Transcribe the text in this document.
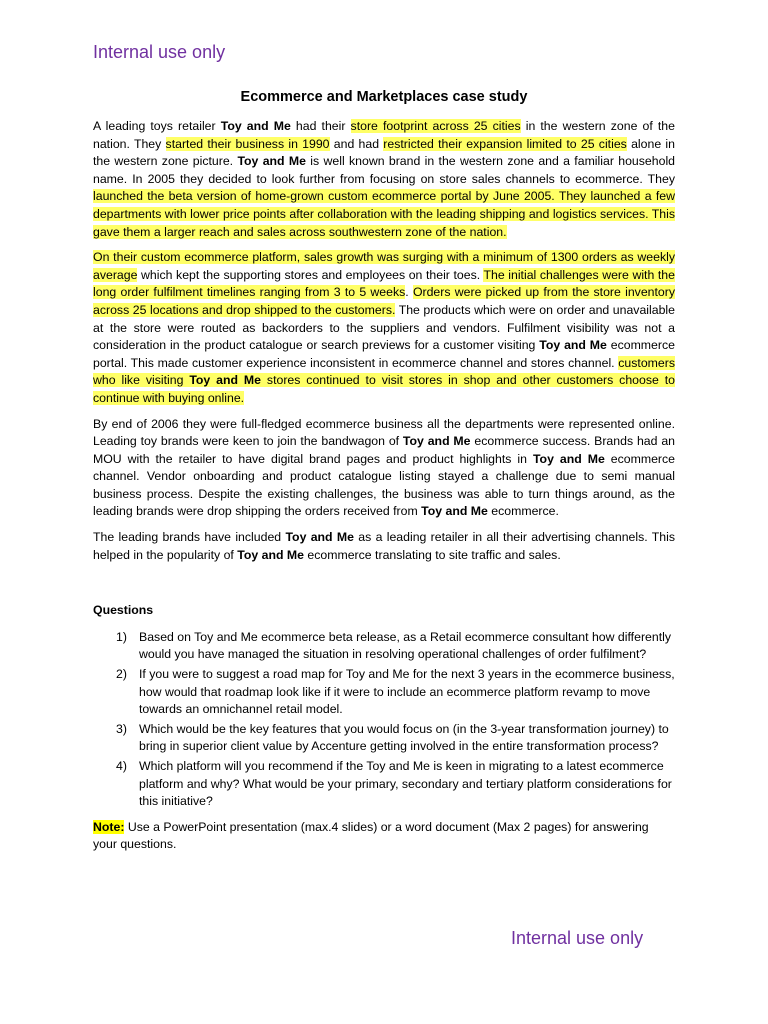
Internal use only
Ecommerce and Marketplaces case study

A leading toys retailer Toy and Me had their store footprint across 25 cities in the western zone of the nation. They started their business in 1990 and had restricted their expansion limited to 25 cities alone in the western zone picture. Toy and Me is well known brand in the western zone and a familiar household name. In 2005 they decided to look further from focusing on store sales channels to ecommerce. They launched the beta version of home-grown custom ecommerce portal by June 2005. They launched a few departments with lower price points after collaboration with the leading shipping and logistics services. This gave them a larger reach and sales across southwestern zone of the nation.

On their custom ecommerce platform, sales growth was surging with a minimum of 1300 orders as weekly average which kept the supporting stores and employees on their toes. The initial challenges were with the long order fulfilment timelines ranging from 3 to 5 weeks. Orders were picked up from the store inventory across 25 locations and drop shipped to the customers. The products which were on order and unavailable at the store were routed as backorders to the suppliers and vendors. Fulfilment visibility was not a consideration in the product catalogue or search previews for a customer visiting Toy and Me ecommerce portal. This made customer experience inconsistent in ecommerce channel and stores channel. customers who like visiting Toy and Me stores continued to visit stores in shop and other customers choose to continue with buying online.

By end of 2006 they were full-fledged ecommerce business all the departments were represented online. Leading toy brands were keen to join the bandwagon of Toy and Me ecommerce success. Brands had an MOU with the retailer to have digital brand pages and product highlights in Toy and Me ecommerce channel. Vendor onboarding and product catalogue listing stayed a challenge due to semi manual business process. Despite the existing challenges, the business was able to turn things around, as the leading brands were drop shipping the orders received from Toy and Me ecommerce.

The leading brands have included Toy and Me as a leading retailer in all their advertising channels. This helped in the popularity of Toy and Me ecommerce translating to site traffic and sales.

Questions
1) Based on Toy and Me ecommerce beta release, as a Retail ecommerce consultant how differently would you have managed the situation in resolving operational challenges of order fulfilment?
2) If you were to suggest a road map for Toy and Me for the next 3 years in the ecommerce business, how would that roadmap look like if it were to include an ecommerce platform revamp to move towards an omnichannel retail model.
3) Which would be the key features that you would focus on (in the 3-year transformation journey) to bring in superior client value by Accenture getting involved in the entire transformation process?
4) Which platform will you recommend if the Toy and Me is keen in migrating to a latest ecommerce platform and why? What would be your primary, secondary and tertiary platform considerations for this initiative?

Note: Use a PowerPoint presentation (max.4 slides) or a word document (Max 2 pages) for answering your questions.

Internal use only
